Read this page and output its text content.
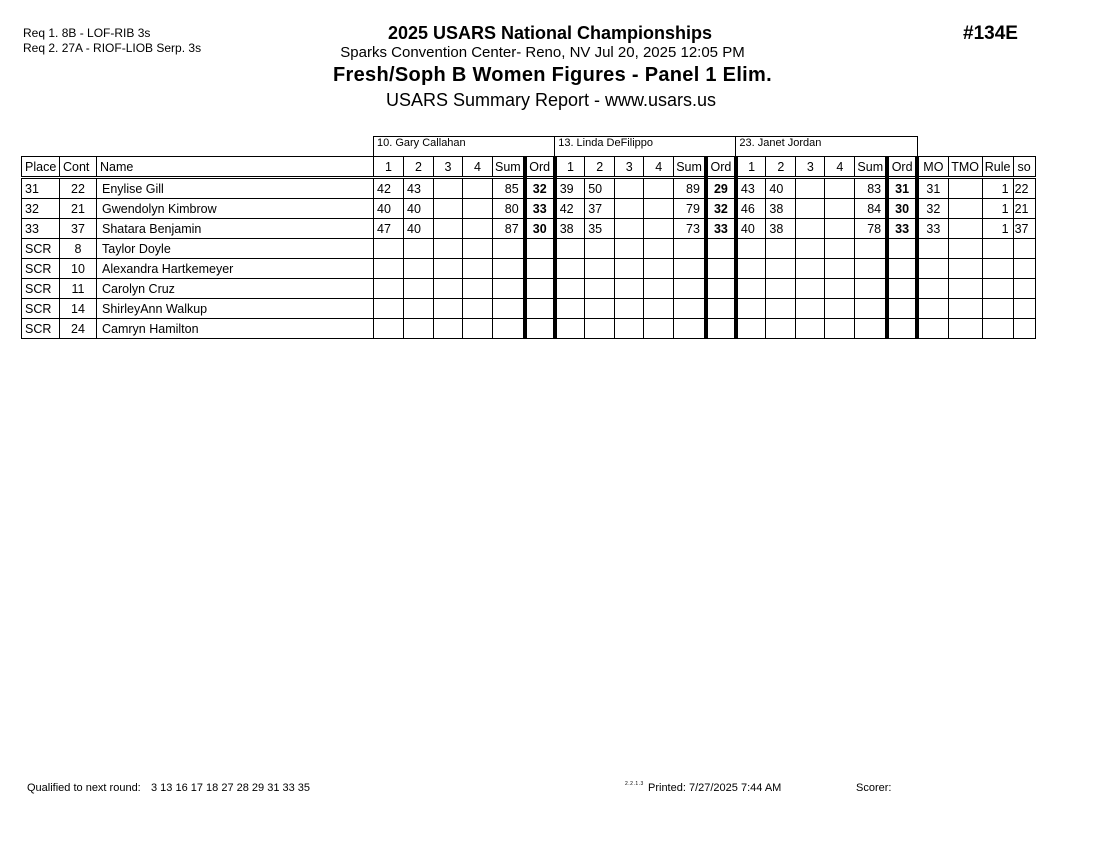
Req 1. 8B - LOF-RIB 3s
Req 2. 27A - RIOF-LIOB Serp. 3s
2025 USARS National Championships
Sparks Convention Center- Reno, NV Jul 20, 2025 12:05 PM
Fresh/Soph B Women Figures - Panel 1 Elim.
USARS Summary Report - www.usars.us
#134E
			10. Gary Callahan						13. Linda DeFilippo						23. Janet Jordan									
Place	Cont	Name	1	2	3	4	Sum	Ord	1	2	3	4	Sum	Ord	1	2	3	4	Sum	Ord	MO	TMO	Rule	so
31	22	Enylise Gill	42	43			85	32	39	50			89	29	43	40			83	31	31		1	22
32	21	Gwendolyn Kimbrow	40	40			80	33	42	37			79	32	46	38			84	30	32		1	21
33	37	Shatara Benjamin	47	40			87	30	38	35			73	33	40	38			78	33	33		1	37
SCR	8	Taylor Doyle																						
SCR	10	Alexandra Hartkemeyer																						
SCR	11	Carolyn Cruz																						
SCR	14	ShirleyAnn Walkup																						
SCR	24	Camryn Hamilton																						
Qualified to next round: 3 13 16 17 18 27 28 29 31 33 35	2.2.1.3 Printed: 7/27/2025 7:44 AM	Scorer:
